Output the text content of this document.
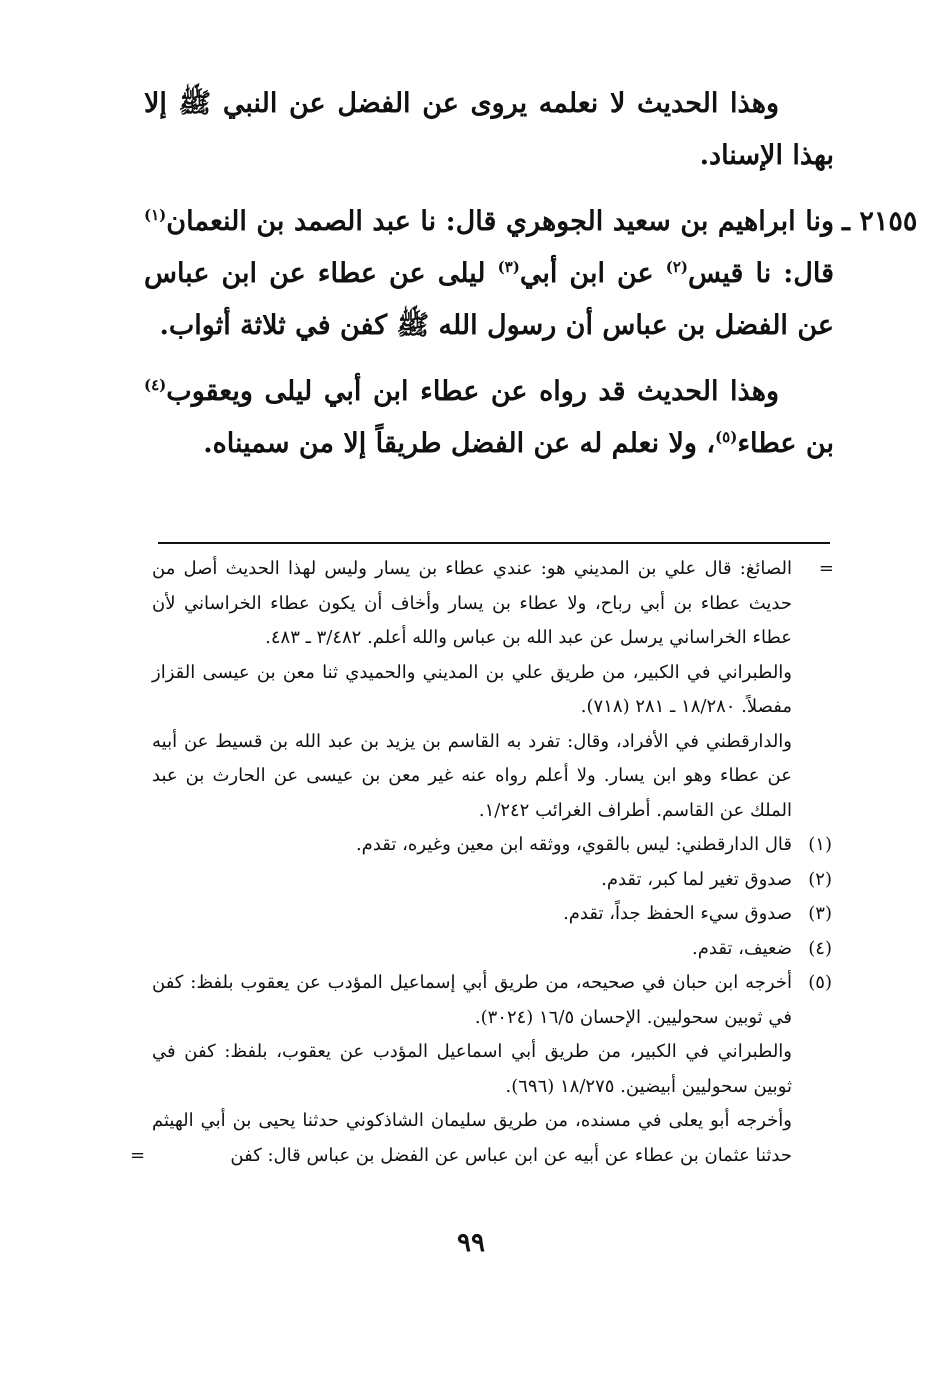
وهذا الحديث لا نعلمه يروى عن الفضل عن النبي ﷺ إلا بهذا الإسناد.

٢١٥٥ ـ
ونا ابراهيم بن سعيد الجوهري قال: نا عبد الصمد بن النعمان$^{(١)}$ قال: نا قيس$^{(٢)}$ عن ابن أبي$^{(٣)}$ ليلى عن عطاء عن ابن عباس عن الفضل بن عباس أن رسول الله ﷺ كفن في ثلاثة أثواب.

وهذا الحديث قد رواه عن عطاء ابن أبي ليلى ويعقوب$^{(٤)}$ بن عطاء$^{(٥)}$، ولا نعلم له عن الفضل طريقاً إلا من سميناه.

=
الصائغ: قال علي بن المديني هو: عندي عطاء بن يسار وليس لهذا الحديث أصل من حديث عطاء بن أبي رباح، ولا عطاء بن يسار وأخاف أن يكون عطاء الخراساني لأن عطاء الخراساني يرسل عن عبد الله بن عباس والله أعلم. ٣/٤٨٢ ـ ٤٨٣.

والطبراني في الكبير، من طريق علي بن المديني والحميدي ثنا معن بن عيسى القزاز مفصلاً. ١٨/٢٨٠ ـ ٢٨١ (٧١٨).

والدارقطني في الأفراد، وقال: تفرد به القاسم بن يزيد بن عبد الله بن قسيط عن أبيه عن عطاء وهو ابن يسار. ولا أعلم رواه عنه غير معن بن عيسى عن الحارث بن عبد الملك عن القاسم. أطراف الغرائب ١/٢٤٢.

(١)
قال الدارقطني: ليس بالقوي، ووثقه ابن معين وغيره، تقدم.

(٢)
صدوق تغير لما كبر، تقدم.

(٣)
صدوق سيء الحفظ جداً، تقدم.

(٤)
ضعيف، تقدم.

(٥)
أخرجه ابن حبان في صحيحه، من طريق أبي إسماعيل المؤدب عن يعقوب بلفظ: كفن في ثوبين سحوليين. الإحسان ١٦/٥ (٣٠٢٤).

والطبراني في الكبير، من طريق أبي اسماعيل المؤدب عن يعقوب، بلفظ: كفن في ثوبين سحوليين أبيضين. ١٨/٢٧٥ (٦٩٦).

وأخرجه أبو يعلى في مسنده، من طريق سليمان الشاذكوني حدثنا يحيى بن أبي الهيثم حدثنا عثمان بن عطاء عن أبيه عن ابن عباس عن الفضل بن عباس قال: كفن
=

٩٩
